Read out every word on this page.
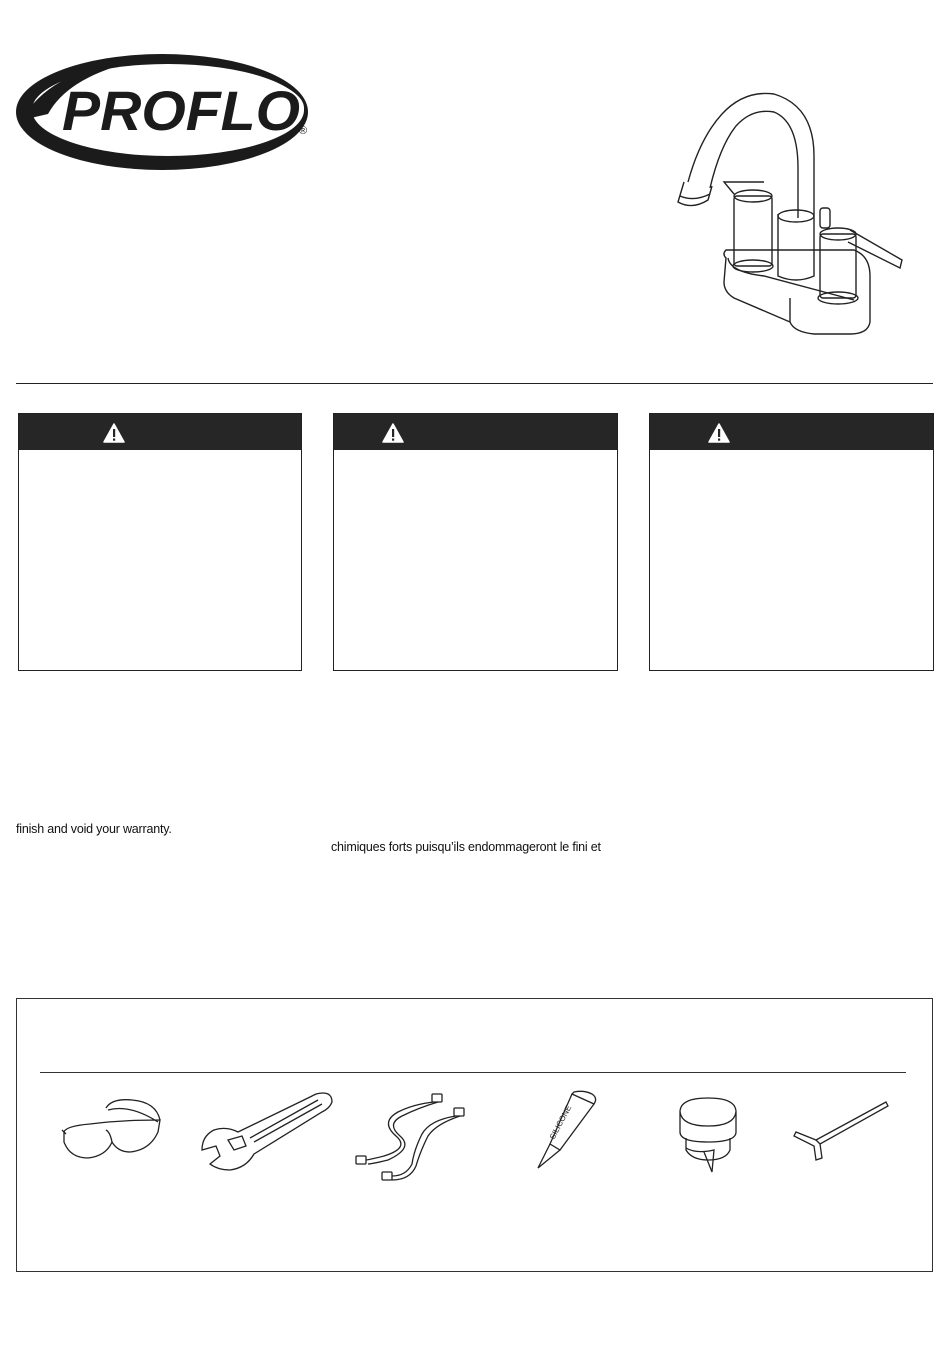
PROFLO ®
finish and void your warranty.
chimiques forts puisqu’ils endommageront le fini et
SILICONE
